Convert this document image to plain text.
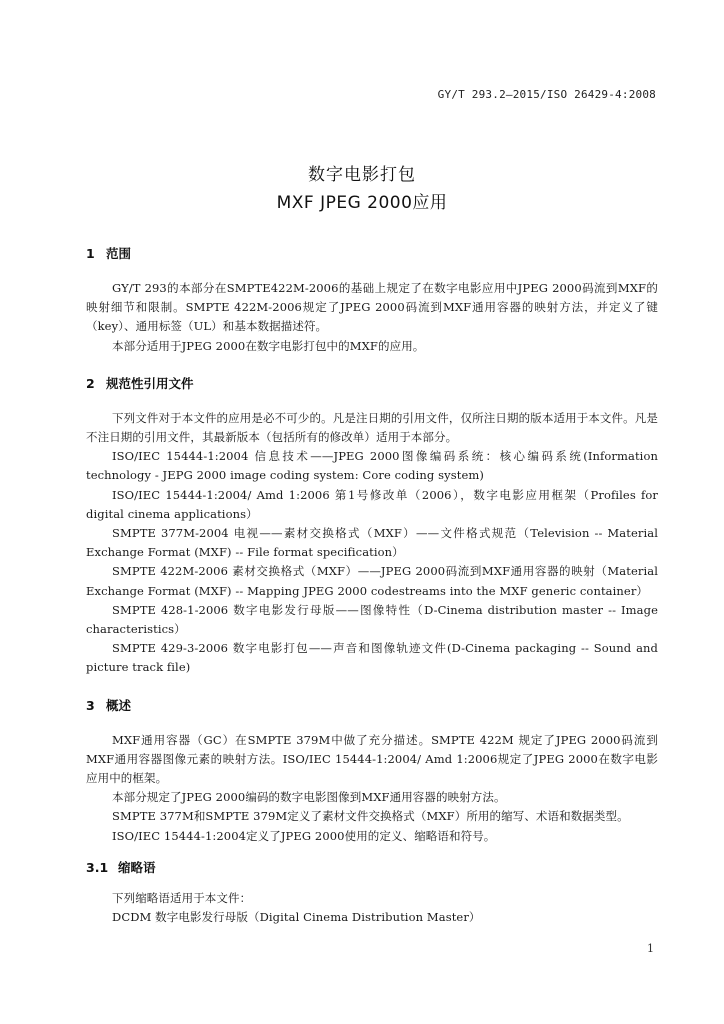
GY/T 293.2—2015/ISO 26429-4:2008
数字电影打包
MXF JPEG 2000应用
1 范围

GY/T 293的本部分在SMPTE422M-2006的基础上规定了在数字电影应用中JPEG 2000码流到MXF的映射细节和限制。SMPTE 422M-2006规定了JPEG 2000码流到MXF通用容器的映射方法，并定义了键（key）、通用标签（UL）和基本数据描述符。

本部分适用于JPEG 2000在数字电影打包中的MXF的应用。

2 规范性引用文件

下列文件对于本文件的应用是必不可少的。凡是注日期的引用文件，仅所注日期的版本适用于本文件。凡是不注日期的引用文件，其最新版本（包括所有的修改单）适用于本部分。

ISO/IEC 15444-1:2004 信息技术——JPEG 2000图像编码系统：核心编码系统(Information technology - JEPG 2000 image coding system: Core coding system)

ISO/IEC 15444-1:2004/ Amd 1:2006 第1号修改单（2006），数字电影应用框架（Profiles for digital cinema applications）

SMPTE 377M-2004 电视——素材交换格式（MXF）——文件格式规范（Television -- Material Exchange Format (MXF) -- File format specification）

SMPTE 422M-2006 素材交换格式（MXF）——JPEG 2000码流到MXF通用容器的映射（Material Exchange Format (MXF) -- Mapping JPEG 2000 codestreams into the MXF generic container）

SMPTE 428-1-2006 数字电影发行母版——图像特性（D-Cinema distribution master -- Image characteristics）

SMPTE 429-3-2006 数字电影打包——声音和图像轨迹文件(D-Cinema packaging -- Sound and picture track file)

3 概述

MXF通用容器（GC）在SMPTE 379M中做了充分描述。SMPTE 422M 规定了JPEG 2000码流到MXF通用容器图像元素的映射方法。ISO/IEC 15444-1:2004/ Amd 1:2006规定了JPEG 2000在数字电影应用中的框架。

本部分规定了JPEG 2000编码的数字电影图像到MXF通用容器的映射方法。

SMPTE 377M和SMPTE 379M定义了素材文件交换格式（MXF）所用的缩写、术语和数据类型。

ISO/IEC 15444-1:2004定义了JPEG 2000使用的定义、缩略语和符号。

3.1 缩略语

下列缩略语适用于本文件：

DCDM 数字电影发行母版（Digital Cinema Distribution Master）

1
